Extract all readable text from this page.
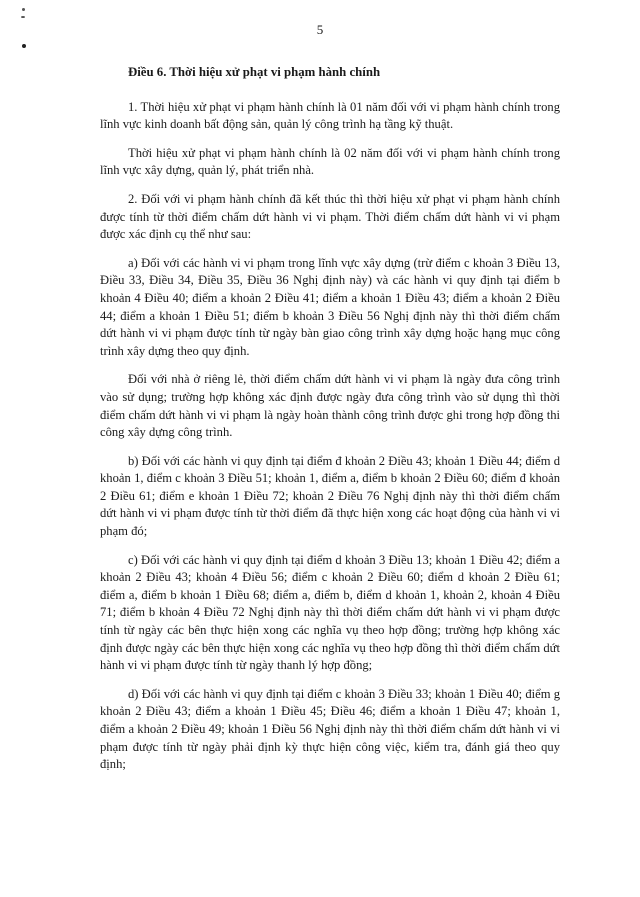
5

Điều 6. Thời hiệu xử phạt vi phạm hành chính

1. Thời hiệu xử phạt vi phạm hành chính là 01 năm đối với vi phạm hành chính trong lĩnh vực kinh doanh bất động sản, quản lý công trình hạ tầng kỹ thuật.

Thời hiệu xử phạt vi phạm hành chính là 02 năm đối với vi phạm hành chính trong lĩnh vực xây dựng, quản lý, phát triển nhà.

2. Đối với vi phạm hành chính đã kết thúc thì thời hiệu xử phạt vi phạm hành chính được tính từ thời điểm chấm dứt hành vi vi phạm. Thời điểm chấm dứt hành vi vi phạm được xác định cụ thể như sau:

a) Đối với các hành vi vi phạm trong lĩnh vực xây dựng (trừ điểm c khoản 3 Điều 13, Điều 33, Điều 34, Điều 35, Điều 36 Nghị định này) và các hành vi quy định tại điểm b khoản 4 Điều 40; điểm a khoản 2 Điều 41; điểm a khoản 1 Điều 43; điểm a khoản 2 Điều 44; điểm a khoản 1 Điều 51; điểm b khoản 3 Điều 56 Nghị định này thì thời điểm chấm dứt hành vi vi phạm được tính từ ngày bàn giao công trình xây dựng hoặc hạng mục công trình xây dựng theo quy định.

Đối với nhà ở riêng lẻ, thời điểm chấm dứt hành vi vi phạm là ngày đưa công trình vào sử dụng; trường hợp không xác định được ngày đưa công trình vào sử dụng thì thời điểm chấm dứt hành vi vi phạm là ngày hoàn thành công trình được ghi trong hợp đồng thi công xây dựng công trình.

b) Đối với các hành vi quy định tại điểm đ khoản 2 Điều 43; khoản 1 Điều 44; điểm d khoản 1, điểm c khoản 3 Điều 51; khoản 1, điểm a, điểm b khoản 2 Điều 60; điểm đ khoản 2 Điều 61; điểm e khoản 1 Điều 72; khoản 2 Điều 76 Nghị định này thì thời điểm chấm dứt hành vi vi phạm được tính từ thời điểm đã thực hiện xong các hoạt động của hành vi vi phạm đó;

c) Đối với các hành vi quy định tại điểm d khoản 3 Điều 13; khoản 1 Điều 42; điểm a khoản 2 Điều 43; khoản 4 Điều 56; điểm c khoản 2 Điều 60; điểm d khoản 2 Điều 61; điểm a, điểm b khoản 1 Điều 68; điểm a, điểm b, điểm d khoản 1, khoản 2, khoản 4 Điều 71; điểm b khoản 4 Điều 72 Nghị định này thì thời điểm chấm dứt hành vi vi phạm được tính từ ngày các bên thực hiện xong các nghĩa vụ theo hợp đồng; trường hợp không xác định được ngày các bên thực hiện xong các nghĩa vụ theo hợp đồng thì thời điểm chấm dứt hành vi vi phạm được tính từ ngày thanh lý hợp đồng;

d) Đối với các hành vi quy định tại điểm c khoản 3 Điều 33; khoản 1 Điều 40; điểm g khoản 2 Điều 43; điểm a khoản 1 Điều 45; Điều 46; điểm a khoản 1 Điều 47; khoản 1, điểm a khoản 2 Điều 49; khoản 1 Điều 56 Nghị định này thì thời điểm chấm dứt hành vi vi phạm được tính từ ngày phải định kỳ thực hiện công việc, kiểm tra, đánh giá theo quy định;
